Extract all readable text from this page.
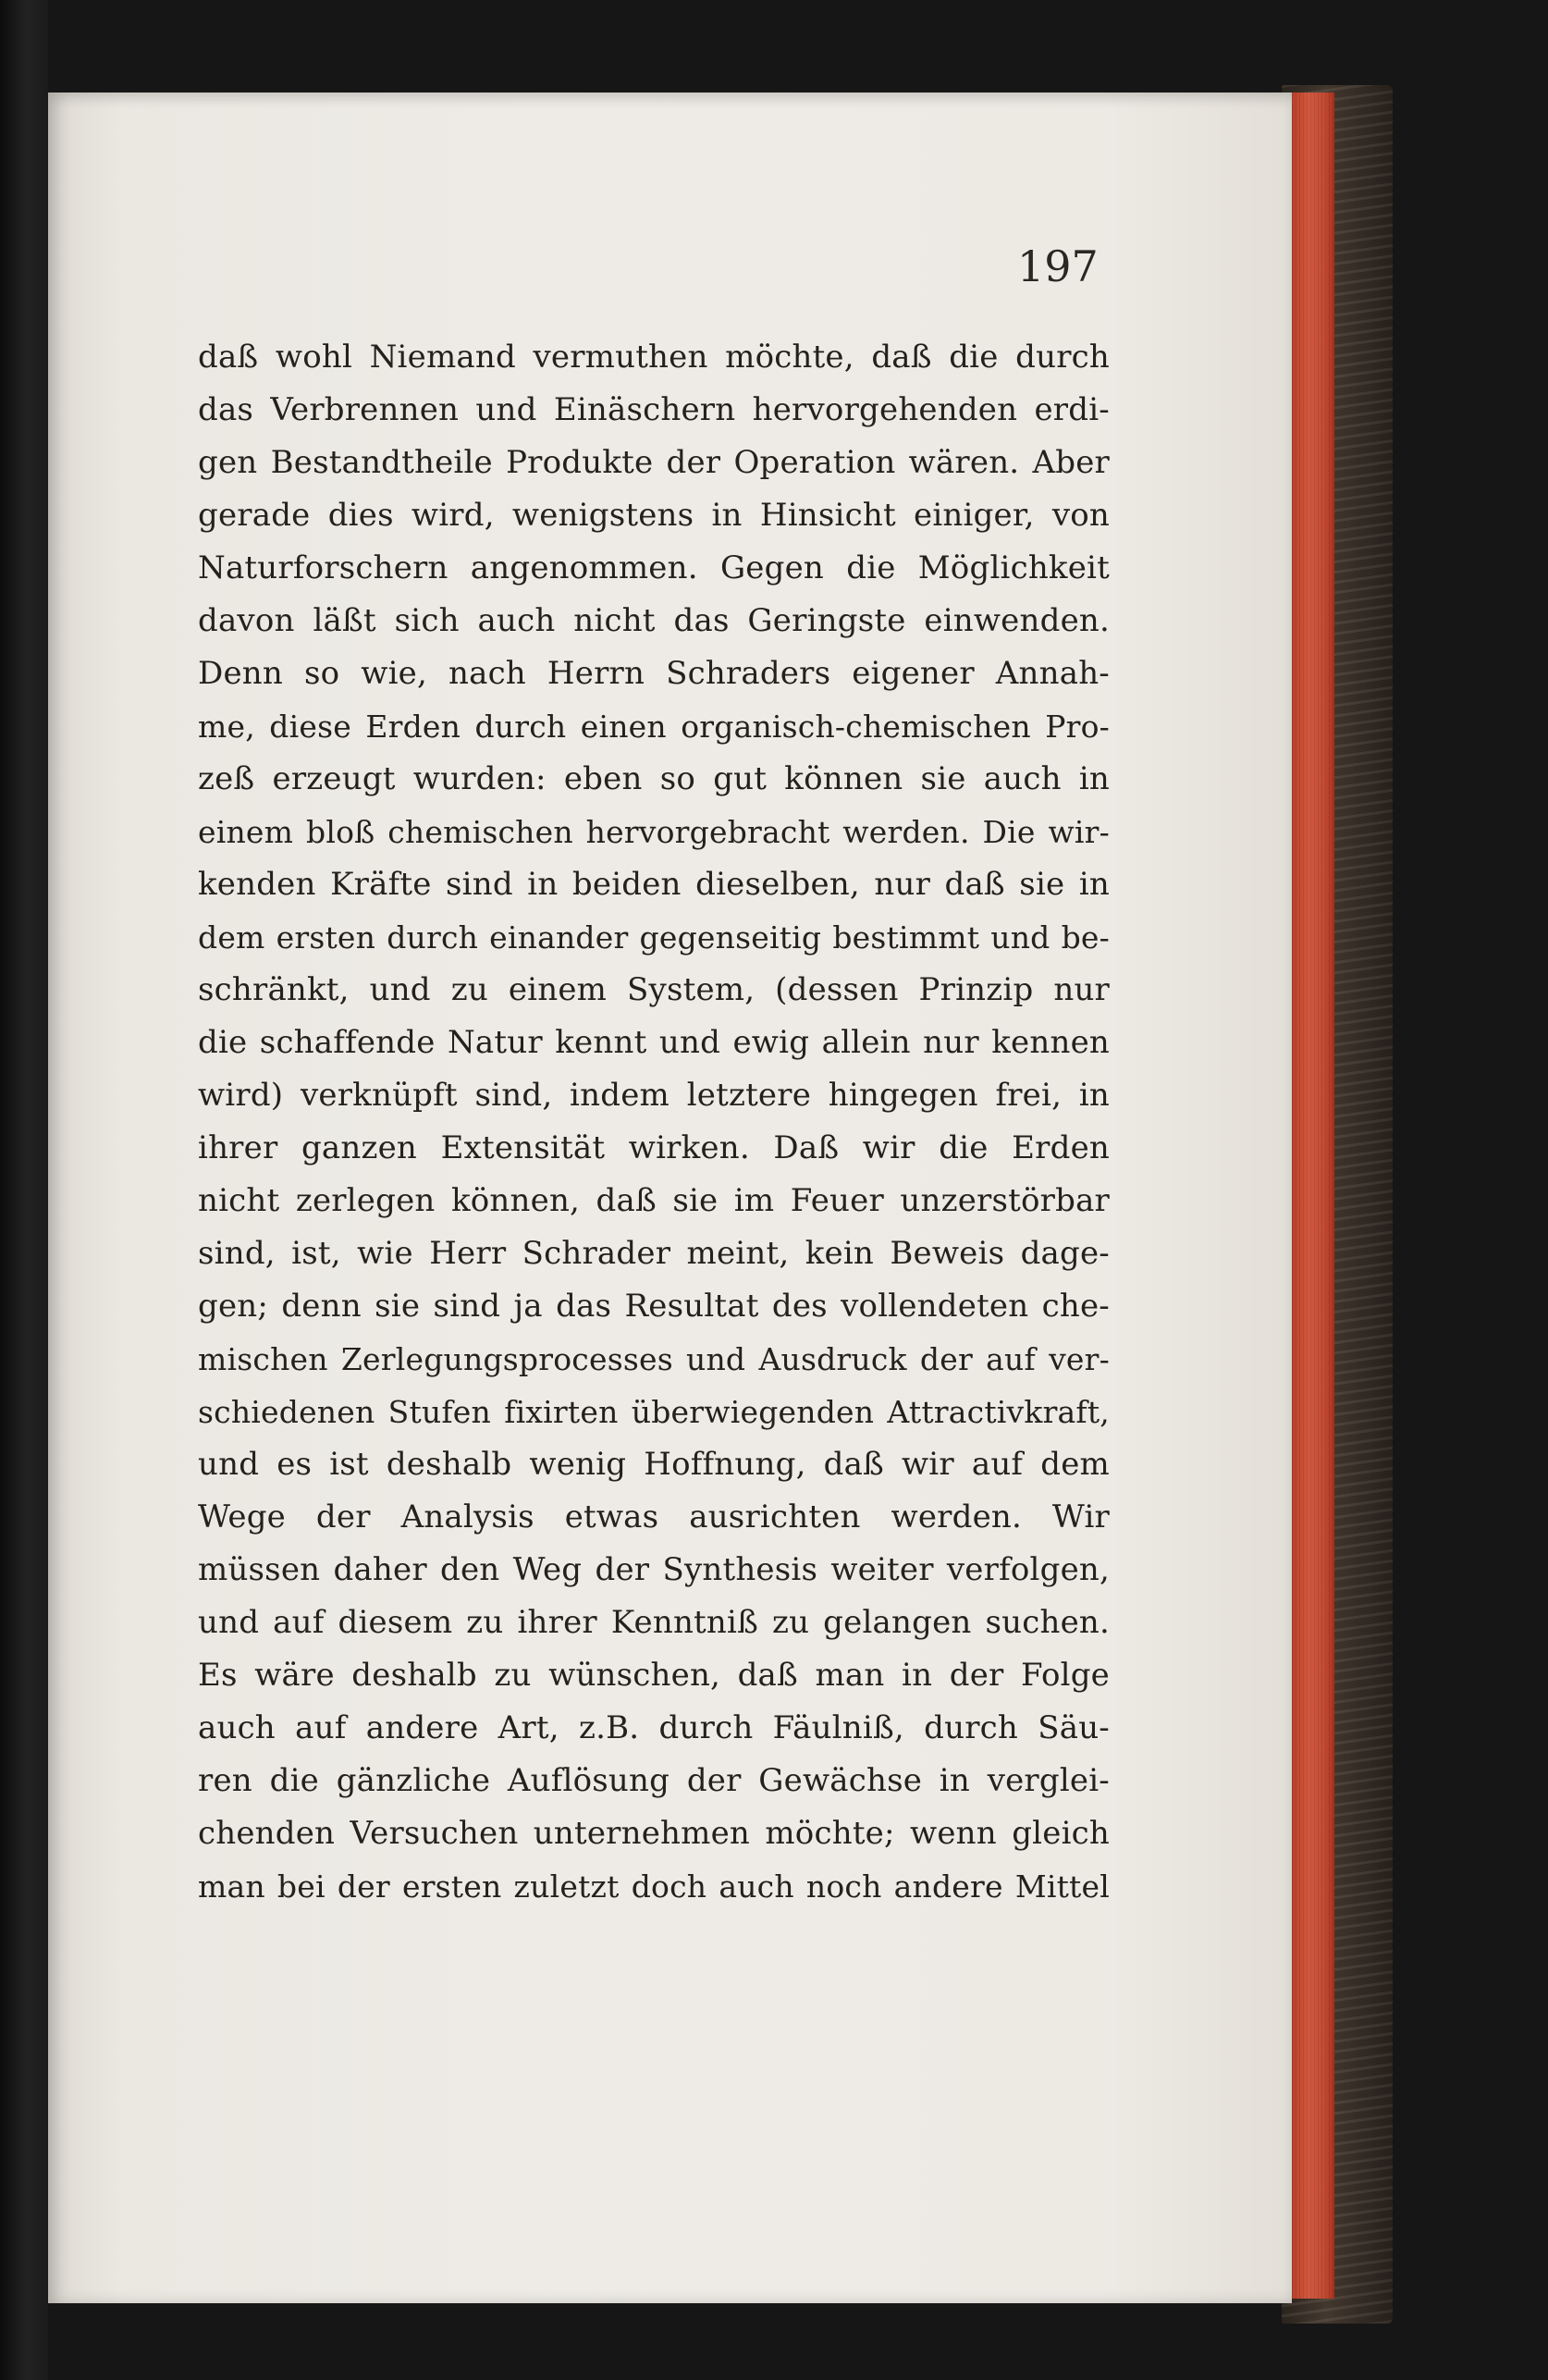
197
daß wohl Niemand vermuthen möchte, daß die durch
das Verbrennen und Einäschern hervorgehenden erdi-
gen Bestandtheile Produkte der Operation wären. Aber
gerade dies wird, wenigstens in Hinsicht einiger, von
Naturforschern angenommen. Gegen die Möglichkeit
davon läßt sich auch nicht das Geringste einwenden.
Denn so wie, nach Herrn Schraders eigener Annah-
me, diese Erden durch einen organisch-chemischen Pro-
zeß erzeugt wurden: eben so gut können sie auch in
einem bloß chemischen hervorgebracht werden. Die wir-
kenden Kräfte sind in beiden dieselben, nur daß sie in
dem ersten durch einander gegenseitig bestimmt und be-
schränkt, und zu einem System, (dessen Prinzip nur
die schaffende Natur kennt und ewig allein nur kennen
wird) verknüpft sind, indem letztere hingegen frei, in
ihrer ganzen Extensität wirken. Daß wir die Erden
nicht zerlegen können, daß sie im Feuer unzerstörbar
sind, ist, wie Herr Schrader meint, kein Beweis dage-
gen; denn sie sind ja das Resultat des vollendeten che-
mischen Zerlegungsprocesses und Ausdruck der auf ver-
schiedenen Stufen fixirten überwiegenden Attractivkraft,
und es ist deshalb wenig Hoffnung, daß wir auf dem
Wege der Analysis etwas ausrichten werden. Wir
müssen daher den Weg der Synthesis weiter verfolgen,
und auf diesem zu ihrer Kenntniß zu gelangen suchen.
Es wäre deshalb zu wünschen, daß man in der Folge
auch auf andere Art, z.B. durch Fäulniß, durch Säu-
ren die gänzliche Auflösung der Gewächse in verglei-
chenden Versuchen unternehmen möchte; wenn gleich
man bei der ersten zuletzt doch auch noch andere Mittel
